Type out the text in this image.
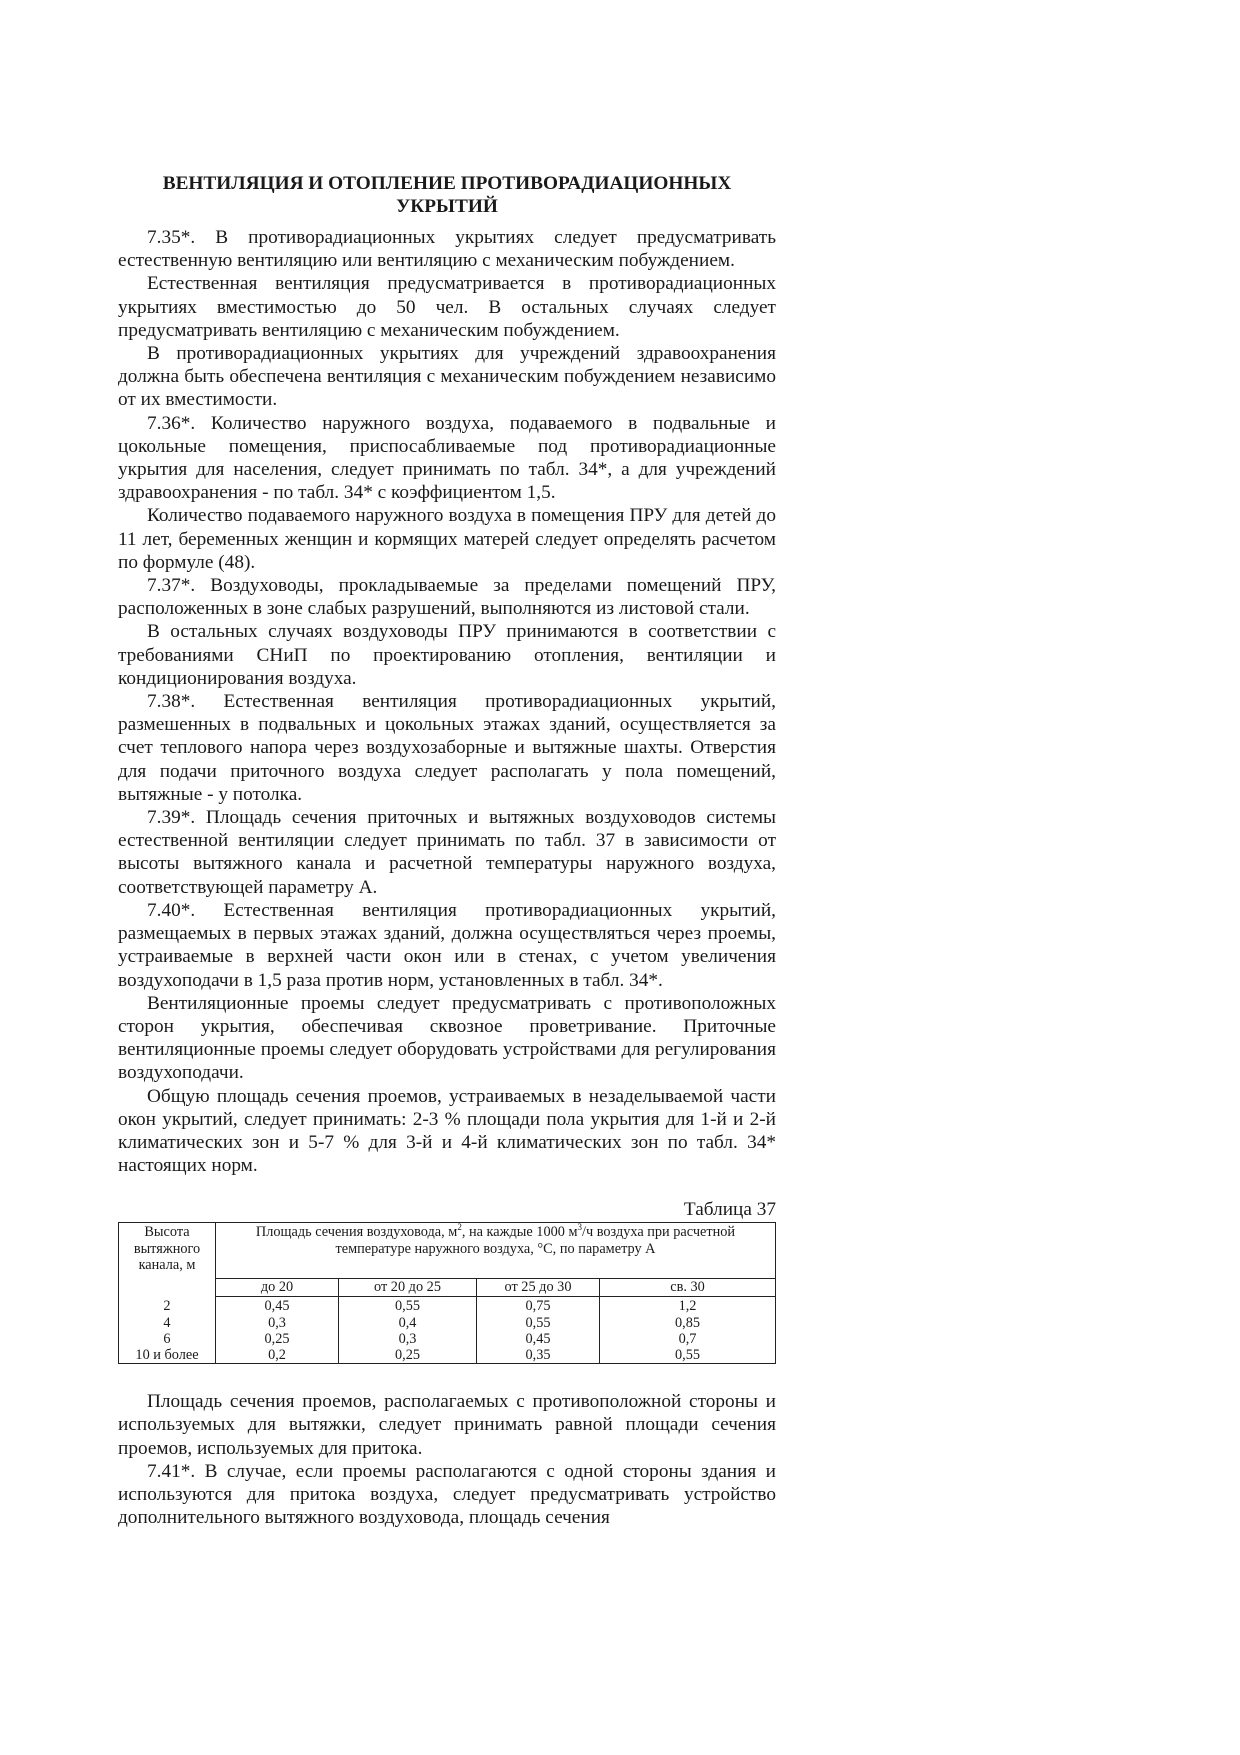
ВЕНТИЛЯЦИЯ И ОТОПЛЕНИЕ ПРОТИВОРАДИАЦИОННЫХ УКРЫТИЙ

7.35*. В противорадиационных укрытиях следует предусматривать естественную вентиляцию или вентиляцию с механическим побуждением.

Естественная вентиляция предусматривается в противорадиационных укрытиях вместимостью до 50 чел. В остальных случаях следует предусматривать вентиляцию с механическим побуждением.

В противорадиационных укрытиях для учреждений здравоохранения должна быть обеспечена вентиляция с механическим побуждением независимо от их вместимости.

7.36*. Количество наружного воздуха, подаваемого в подвальные и цокольные помещения, приспосабливаемые под противорадиационные укрытия для населения, следует принимать по табл. 34*, а для учреждений здравоохранения - по табл. 34* с коэффициентом 1,5.

Количество подаваемого наружного воздуха в помещения ПРУ для детей до 11 лет, беременных женщин и кормящих матерей следует определять расчетом по формуле (48).

7.37*. Воздуховоды, прокладываемые за пределами помещений ПРУ, расположенных в зоне слабых разрушений, выполняются из листовой стали.

В остальных случаях воздуховоды ПРУ принимаются в соответствии с требованиями СНиП по проектированию отопления, вентиляции и кондиционирования воздуха.

7.38*. Естественная вентиляция противорадиационных укрытий, размешенных в подвальных и цокольных этажах зданий, осуществляется за счет теплового напора через воздухозаборные и вытяжные шахты. Отверстия для подачи приточного воздуха следует располагать у пола помещений, вытяжные - у потолка.

7.39*. Площадь сечения приточных и вытяжных воздуховодов системы естественной вентиляции следует принимать по табл. 37 в зависимости от высоты вытяжного канала и расчетной температуры наружного воздуха, соответствующей параметру А.

7.40*. Естественная вентиляция противорадиационных укрытий, размещаемых в первых этажах зданий, должна осуществляться через проемы, устраиваемые в верхней части окон или в стенах, с учетом увеличения воздухоподачи в 1,5 раза против норм, установленных в табл. 34*.

Вентиляционные проемы следует предусматривать с противоположных сторон укрытия, обеспечивая сквозное проветривание. Приточные вентиляционные проемы следует оборудовать устройствами для регулирования воздухоподачи.

Общую площадь сечения проемов, устраиваемых в незаделываемой части окон укрытий, следует принимать: 2-3 % площади пола укрытия для 1-й и 2-й климатических зон и 5-7 % для 3-й и 4-й климатических зон по табл. 34* настоящих норм.

Таблица 37
Высота вытяжного канала, м	Площадь сечения воздуховода, $м^2$, на каждые 1000 $м^3/ч$ воздуха при расчетной температуре наружного воздуха, °С, по параметру А			
	до 20	от 20 до 25	от 25 до 30	св. 30
2	0,45	0,55	0,75	1,2
4	0,3	0,4	0,55	0,85
6	0,25	0,3	0,45	0,7
10 и более	0,2	0,25	0,35	0,55

Площадь сечения проемов, располагаемых с противоположной стороны и используемых для вытяжки, следует принимать равной площади сечения проемов, используемых для притока.

7.41*. В случае, если проемы располагаются с одной стороны здания и используются для притока воздуха, следует предусматривать устройство дополнительного вытяжного воздуховода, площадь сечения
